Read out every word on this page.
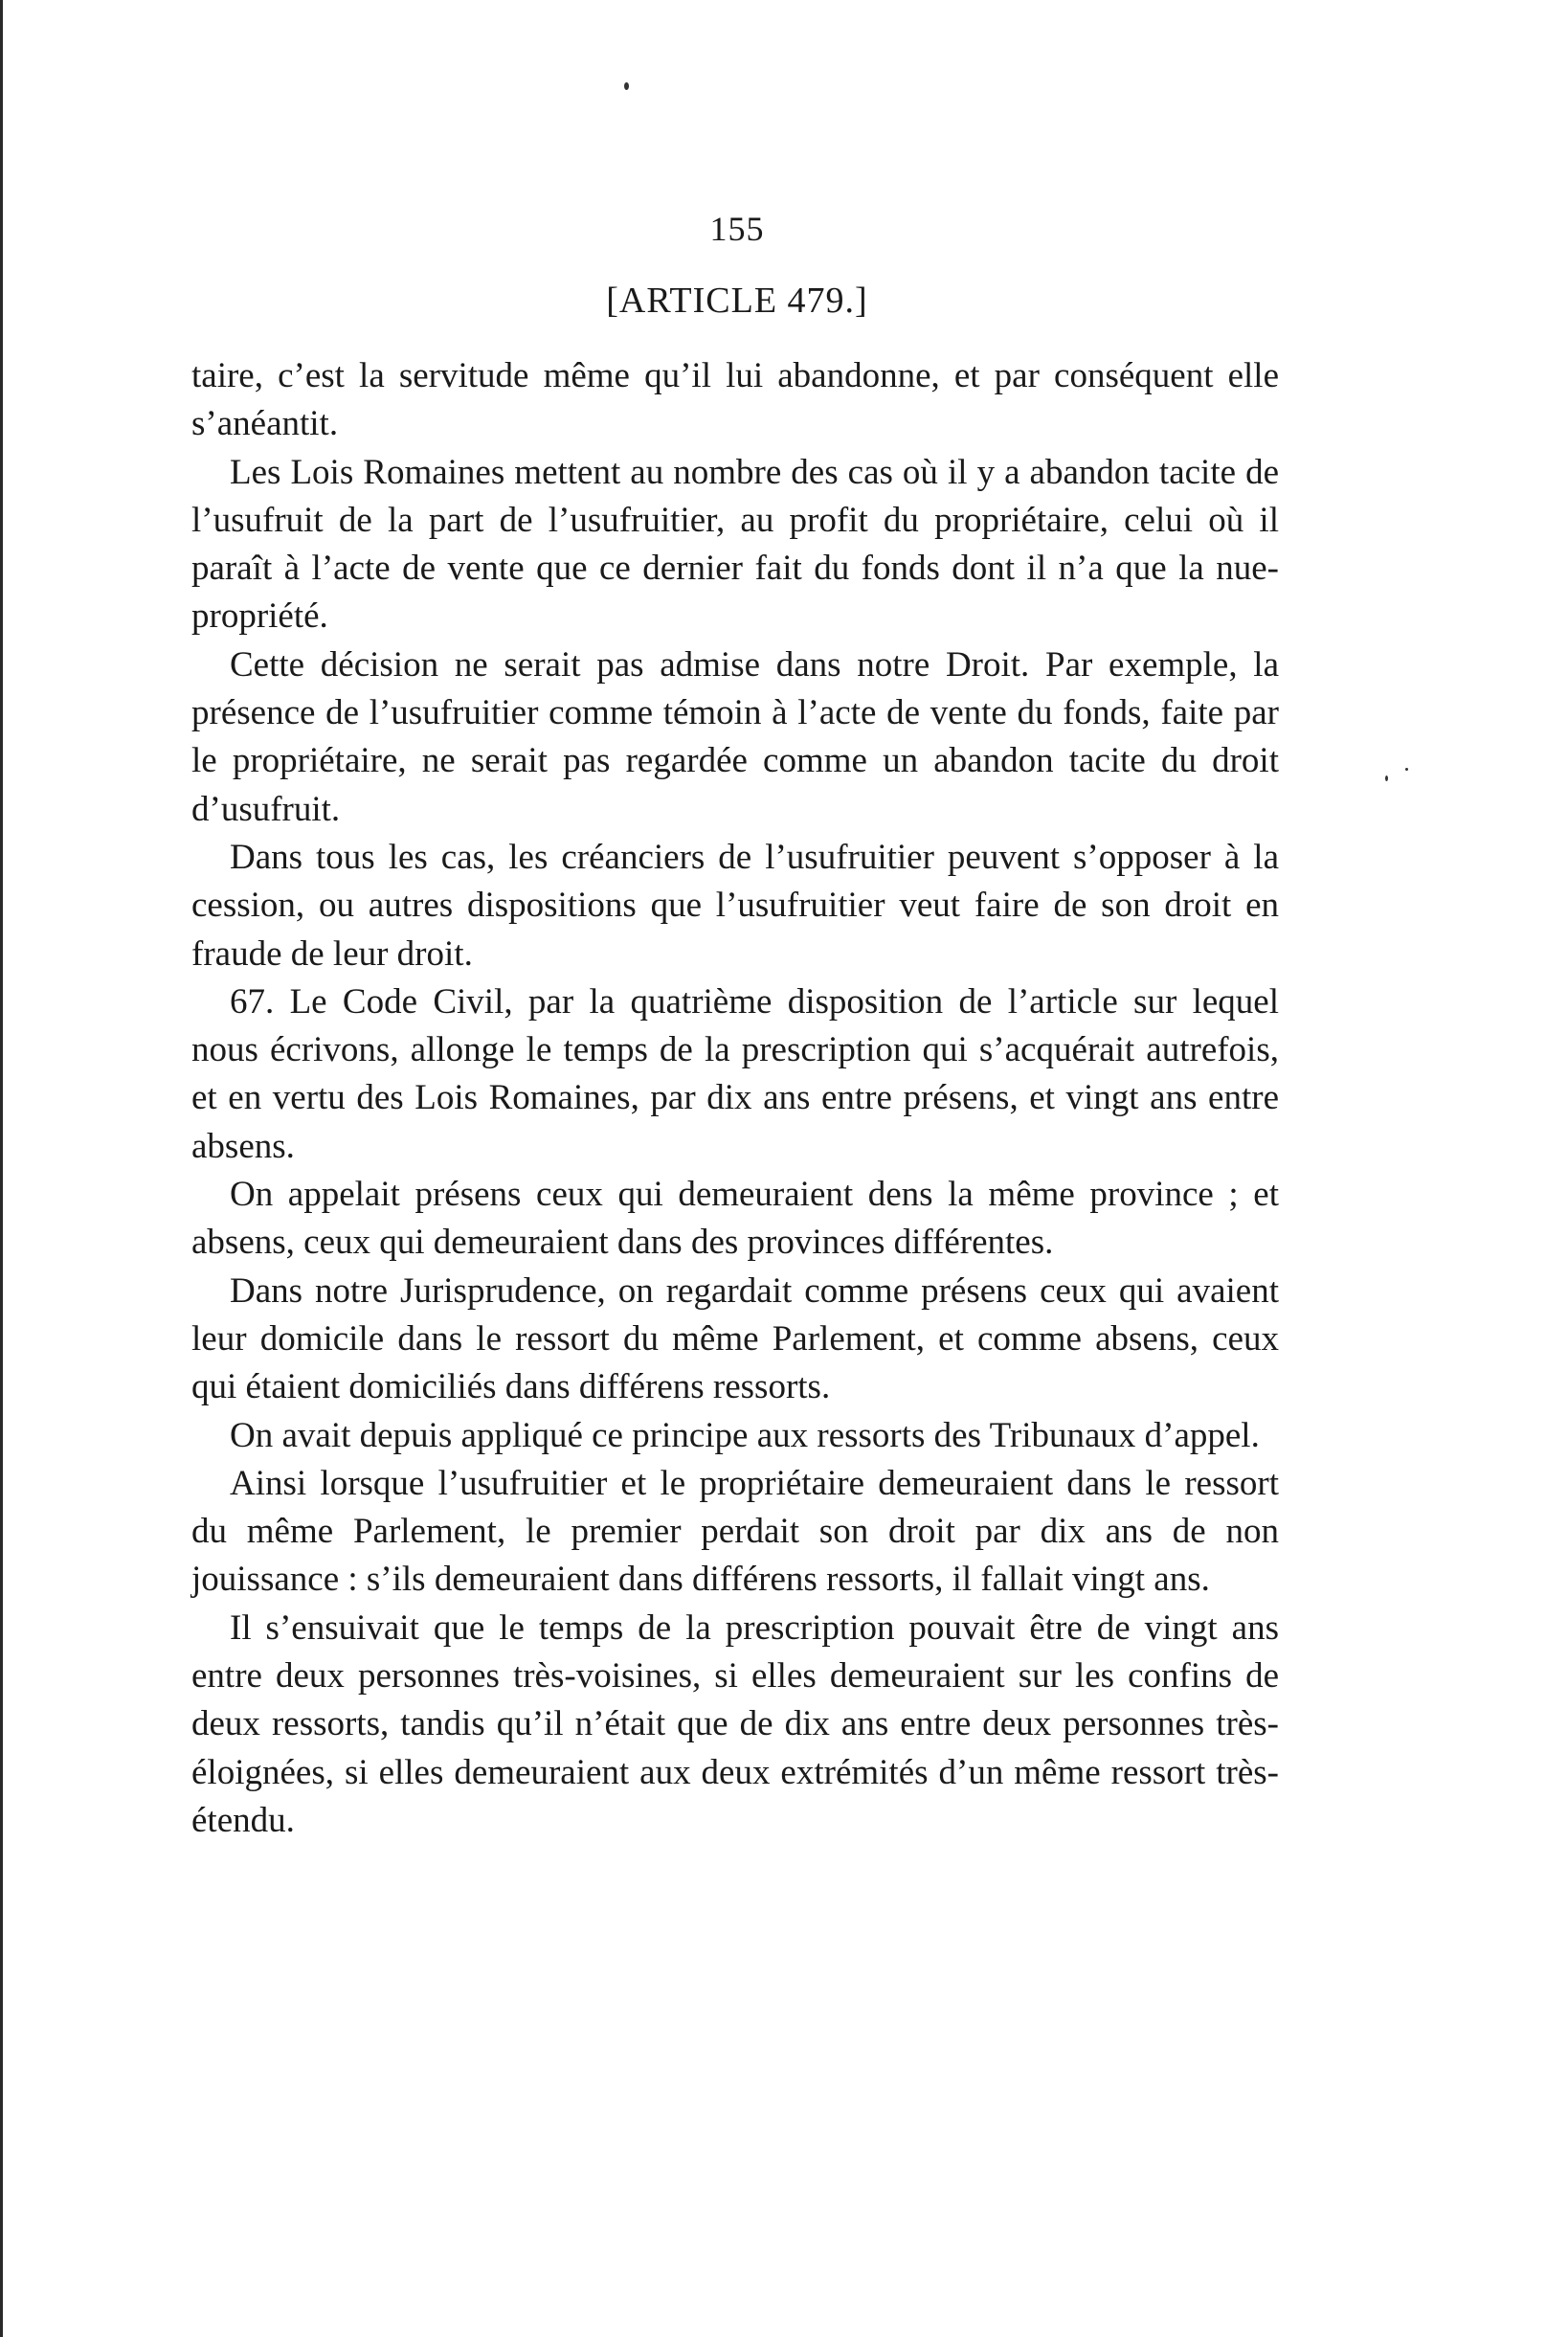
155
[ARTICLE 479.]

taire, c’est la servitude même qu’il lui abandonne, et par conséquent elle s’anéantit.

Les Lois Romaines mettent au nombre des cas où il y a abandon tacite de l’usufruit de la part de l’usufruitier, au profit du propriétaire, celui où il paraît à l’acte de vente que ce dernier fait du fonds dont il n’a que la nue-propriété.

Cette décision ne serait pas admise dans notre Droit. Par exemple, la présence de l’usufruitier comme témoin à l’acte de vente du fonds, faite par le propriétaire, ne serait pas regardée comme un abandon tacite du droit d’usufruit.

Dans tous les cas, les créanciers de l’usufruitier peuvent s’opposer à la cession, ou autres dispositions que l’usufruitier veut faire de son droit en fraude de leur droit.

67. Le Code Civil, par la quatrième disposition de l’article sur lequel nous écrivons, allonge le temps de la prescription qui s’acquérait autrefois, et en vertu des Lois Romaines, par dix ans entre présens, et vingt ans entre absens.

On appelait présens ceux qui demeuraient dens la même province ; et absens, ceux qui demeuraient dans des provinces différentes.

Dans notre Jurisprudence, on regardait comme présens ceux qui avaient leur domicile dans le ressort du même Parlement, et comme absens, ceux qui étaient domiciliés dans différens ressorts.

On avait depuis appliqué ce principe aux ressorts des Tribunaux d’appel.

Ainsi lorsque l’usufruitier et le propriétaire demeuraient dans le ressort du même Parlement, le premier perdait son droit par dix ans de non jouissance : s’ils demeuraient dans différens ressorts, il fallait vingt ans.

Il s’ensuivait que le temps de la prescription pouvait être de vingt ans entre deux personnes très-voisines, si elles demeuraient sur les confins de deux ressorts, tandis qu’il n’était que de dix ans entre deux personnes très-éloignées, si elles demeuraient aux deux extrémités d’un même ressort très-étendu.
